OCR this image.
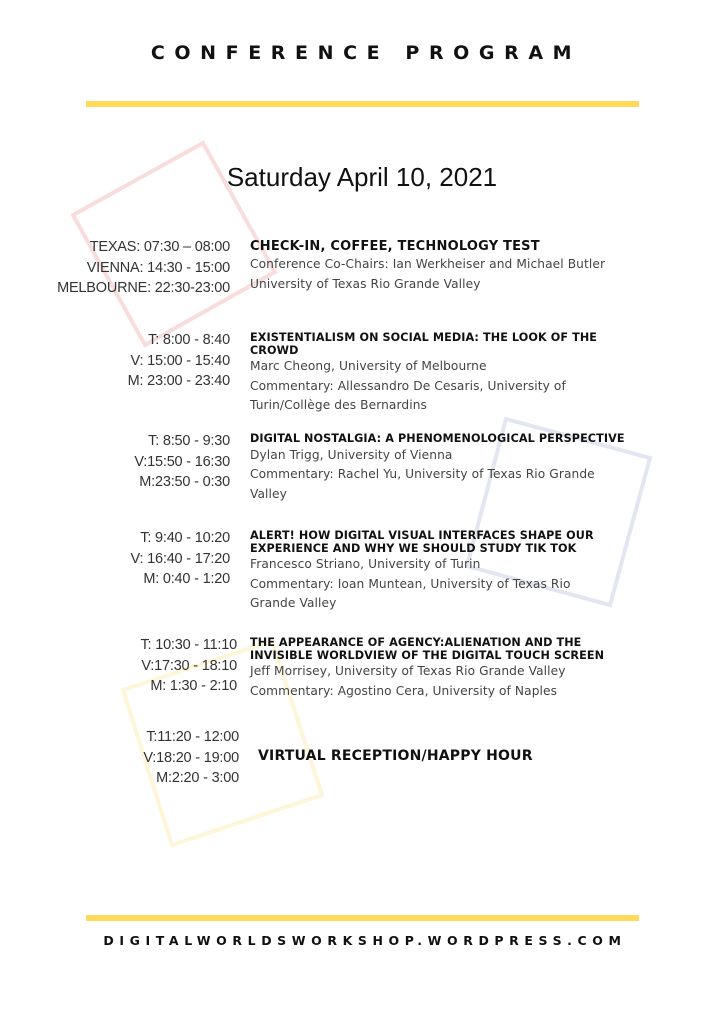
CONFERENCE PROGRAM
Saturday April 10, 2021
TEXAS: 07:30 – 08:00
VIENNA: 14:30 - 15:00
MELBOURNE: 22:30-23:00
CHECK-IN, COFFEE, TECHNOLOGY TEST
Conference Co-Chairs: Ian Werkheiser and Michael Butler
University of Texas Rio Grande Valley
T: 8:00 - 8:40
V: 15:00 - 15:40
M: 23:00 - 23:40
EXISTENTIALISM ON SOCIAL MEDIA: THE LOOK OF THE CROWD
Marc Cheong, University of Melbourne
Commentary: Allessandro De Cesaris, University of Turin/Collège des Bernardins
T: 8:50 - 9:30
V:15:50 - 16:30
M:23:50 - 0:30
DIGITAL NOSTALGIA: A PHENOMENOLOGICAL PERSPECTIVE
Dylan Trigg, University of Vienna
Commentary: Rachel Yu, University of Texas Rio Grande Valley
T: 9:40 - 10:20
V: 16:40 - 17:20
M: 0:40 - 1:20
ALERT! HOW DIGITAL VISUAL INTERFACES SHAPE OUR EXPERIENCE AND WHY WE SHOULD STUDY TIK TOK
Francesco Striano, University of Turin
Commentary: Ioan Muntean, University of Texas Rio Grande Valley
T: 10:30 - 11:10
V:17:30 - 18:10
M: 1:30 - 2:10
THE APPEARANCE OF AGENCY:ALIENATION AND THE INVISIBLE WORLDVIEW OF THE DIGITAL TOUCH SCREEN
Jeff Morrisey, University of Texas Rio Grande Valley
Commentary: Agostino Cera, University of Naples
T:11:20 - 12:00
V:18:20 - 19:00
M:2:20 - 3:00
VIRTUAL RECEPTION/HAPPY HOUR
DIGITALWORLDSWORKSHOP.WORDPRESS.COM
